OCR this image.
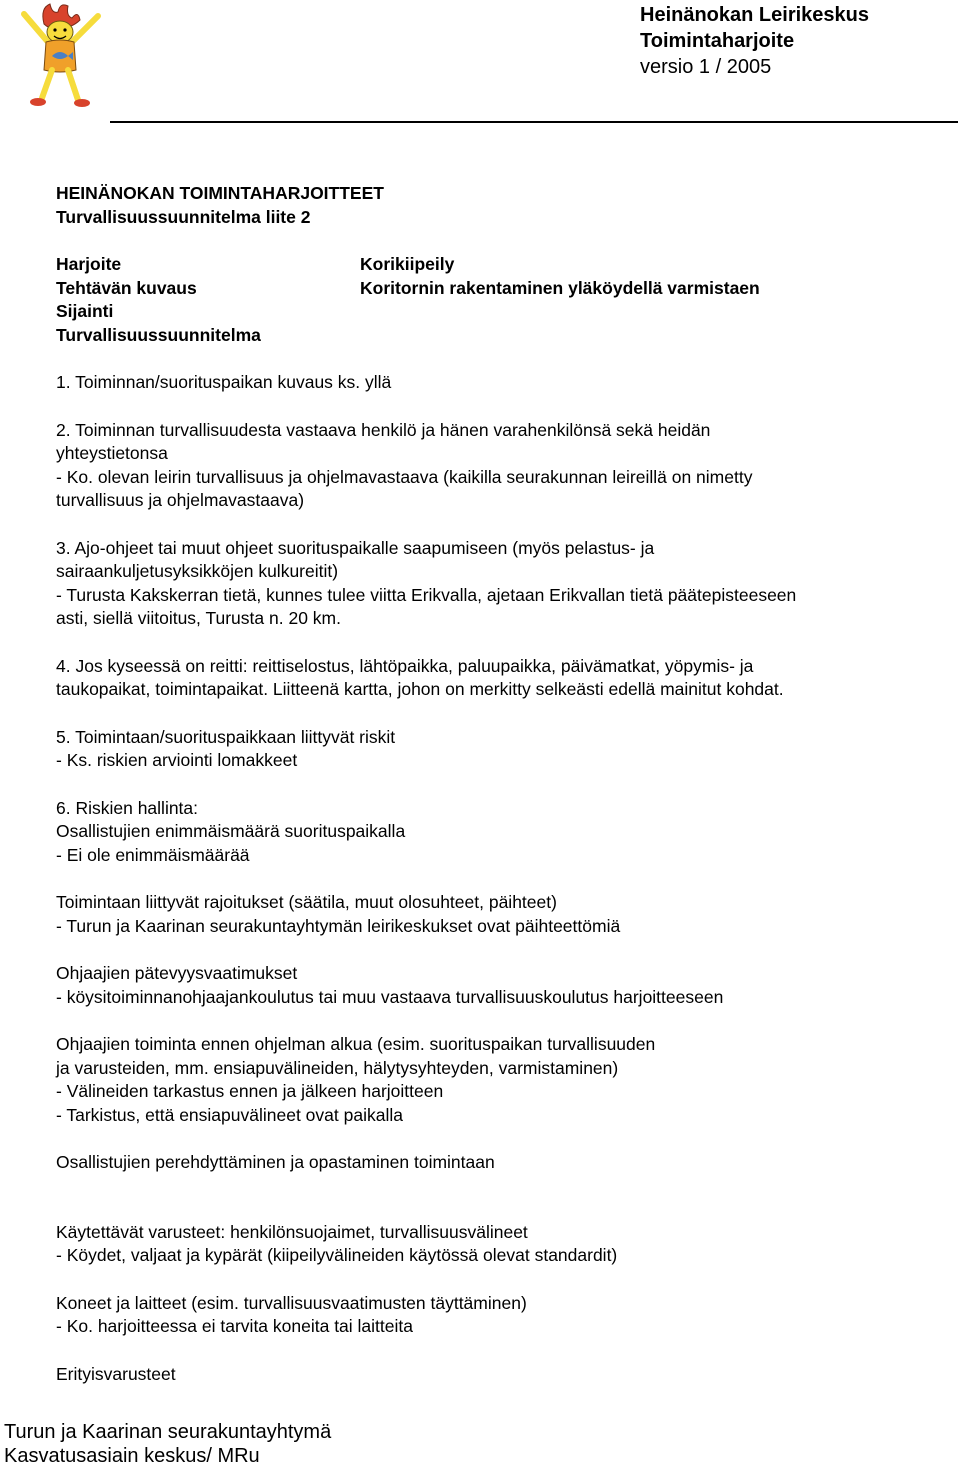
Heinänokan Leirikeskus
Toimintaharjoite
versio 1 / 2005

HEINÄNOKAN TOIMINTAHARJOITTEET

Turvallisuussuunnitelma liite 2

Harjoite	Korikiipeily
Tehtävän kuvaus	Koritornin rakentaminen yläköydellä varmistaen
Sijainti
Turvallisuussuunnitelma

1. Toiminnan/suorituspaikan kuvaus ks. yllä

2. Toiminnan turvallisuudesta vastaava henkilö ja hänen varahenkilönsä sekä heidän

yhteystietonsa

- Ko. olevan leirin turvallisuus ja ohjelmavastaava (kaikilla seurakunnan leireillä on nimetty

turvallisuus ja ohjelmavastaava)

3. Ajo-ohjeet tai muut ohjeet suorituspaikalle saapumiseen (myös pelastus- ja

sairaankuljetusyksikköjen kulkureitit)

- Turusta Kakskerran tietä, kunnes tulee viitta Erikvalla, ajetaan Erikvallan tietä päätepisteeseen

asti, siellä viitoitus, Turusta n. 20 km.

4. Jos kyseessä on reitti: reittiselostus, lähtöpaikka, paluupaikka, päivämatkat, yöpymis- ja

taukopaikat, toimintapaikat. Liitteenä kartta, johon on merkitty selkeästi edellä mainitut kohdat.

5. Toimintaan/suorituspaikkaan liittyvät riskit

- Ks. riskien arviointi lomakkeet

6. Riskien hallinta:

Osallistujien enimmäismäärä suorituspaikalla

- Ei ole enimmäismäärää

Toimintaan liittyvät rajoitukset (säätila, muut olosuhteet, päihteet)

- Turun ja Kaarinan seurakuntayhtymän leirikeskukset ovat päihteettömiä

Ohjaajien pätevyysvaatimukset

- köysitoiminnanohjaajankoulutus tai muu vastaava turvallisuuskoulutus harjoitteeseen

Ohjaajien toiminta ennen ohjelman alkua (esim. suorituspaikan turvallisuuden

ja varusteiden, mm. ensiapuvälineiden, hälytysyhteyden, varmistaminen)

- Välineiden tarkastus ennen ja jälkeen harjoitteen

- Tarkistus, että ensiapuvälineet ovat paikalla

Osallistujien perehdyttäminen ja opastaminen toimintaan

Käytettävät varusteet: henkilönsuojaimet, turvallisuusvälineet

- Köydet, valjaat ja kypärät (kiipeilyvälineiden käytössä olevat standardit)

Koneet ja laitteet (esim. turvallisuusvaatimusten täyttäminen)

- Ko. harjoitteessa ei tarvita koneita tai laitteita

Erityisvarusteet

Turun ja Kaarinan seurakuntayhtymä
Kasvatusasiain keskus/ MRu
